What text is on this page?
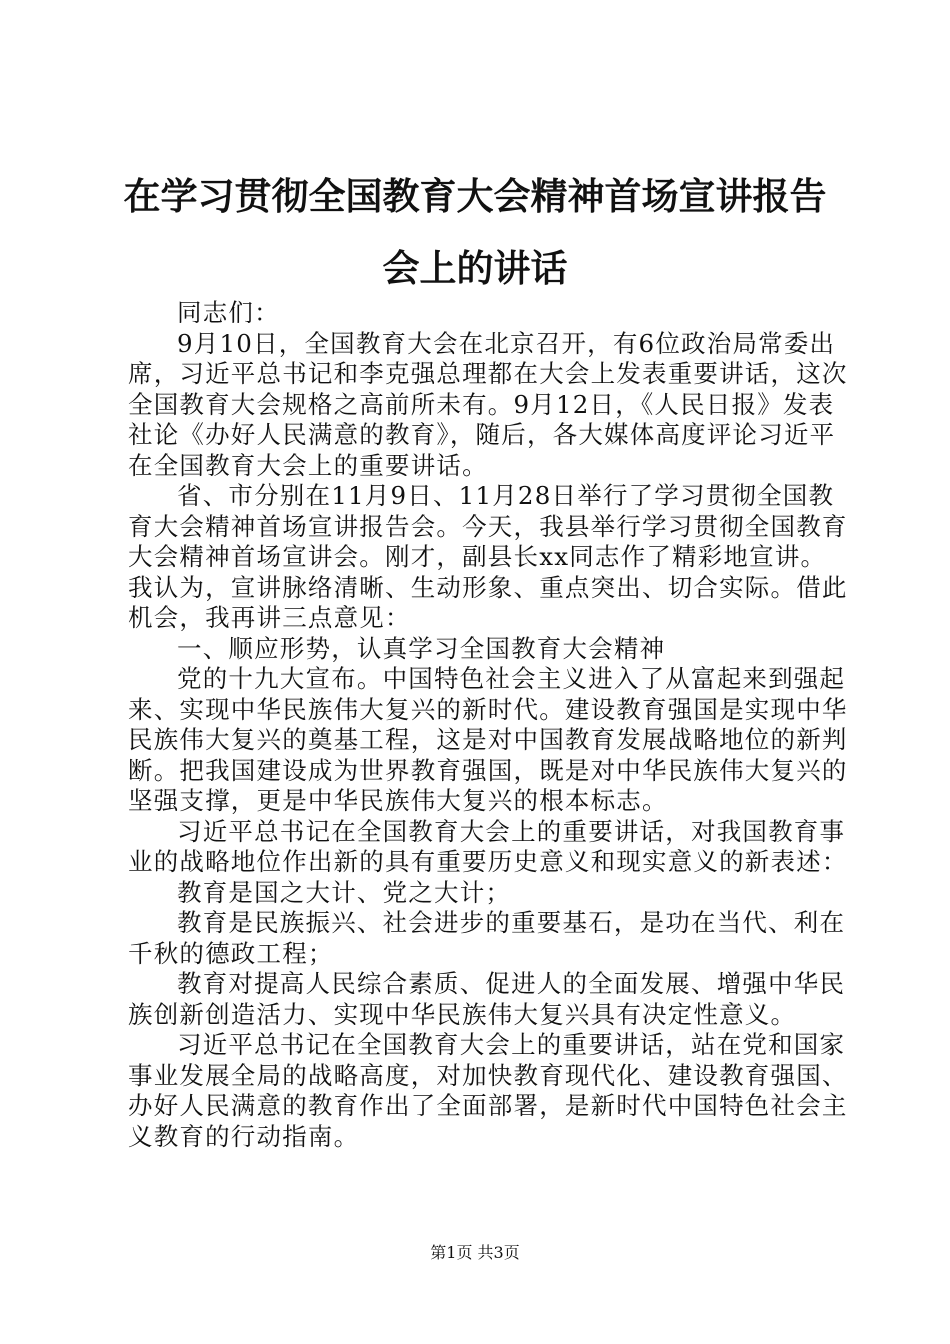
在学习贯彻全国教育大会精神首场宣讲报告会上的讲话

同志们：

9月10日，全国教育大会在北京召开，有6位政治局常委出席，习近平总书记和李克强总理都在大会上发表重要讲话，这次全国教育大会规格之高前所未有。9月12日，《人民日报》发表社论《办好人民满意的教育》，随后，各大媒体高度评论习近平在全国教育大会上的重要讲话。

省、市分别在11月9日、11月28日举行了学习贯彻全国教育大会精神首场宣讲报告会。今天，我县举行学习贯彻全国教育大会精神首场宣讲会。刚才，副县长xx同志作了精彩地宣讲。我认为，宣讲脉络清晰、生动形象、重点突出、切合实际。借此机会，我再讲三点意见：

一、顺应形势，认真学习全国教育大会精神

党的十九大宣布。中国特色社会主义进入了从富起来到强起来、实现中华民族伟大复兴的新时代。建设教育强国是实现中华民族伟大复兴的奠基工程，这是对中国教育发展战略地位的新判断。把我国建设成为世界教育强国，既是对中华民族伟大复兴的坚强支撑，更是中华民族伟大复兴的根本标志。

习近平总书记在全国教育大会上的重要讲话，对我国教育事业的战略地位作出新的具有重要历史意义和现实意义的新表述：

教育是国之大计、党之大计；

教育是民族振兴、社会进步的重要基石，是功在当代、利在千秋的德政工程；

教育对提高人民综合素质、促进人的全面发展、增强中华民族创新创造活力、实现中华民族伟大复兴具有决定性意义。

习近平总书记在全国教育大会上的重要讲话，站在党和国家事业发展全局的战略高度，对加快教育现代化、建设教育强国、办好人民满意的教育作出了全面部署，是新时代中国特色社会主义教育的行动指南。

第1页 共3页
